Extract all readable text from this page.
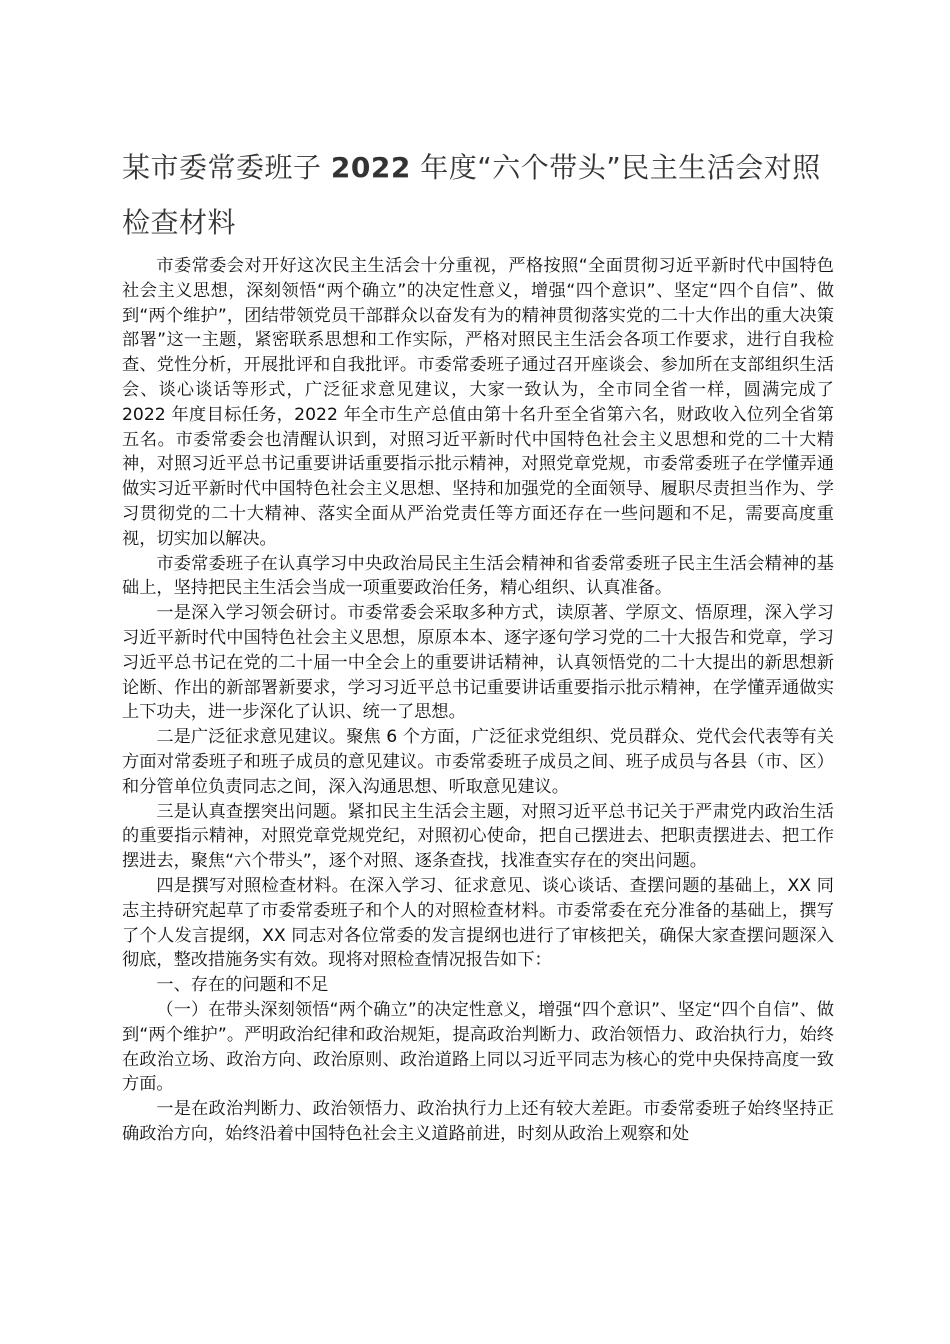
某市委常委班子 2022 年度“六个带头”民主生活会对照检查材料

市委常委会对开好这次民主生活会十分重视，严格按照“全面贯彻习近平新时代中国特色社会主义思想，深刻领悟“两个确立”的决定性意义，增强“四个意识”、坚定“四个自信”、做到“两个维护”，团结带领党员干部群众以奋发有为的精神贯彻落实党的二十大作出的重大决策部署”这一主题，紧密联系思想和工作实际，严格对照民主生活会各项工作要求，进行自我检查、党性分析，开展批评和自我批评。市委常委班子通过召开座谈会、参加所在支部组织生活会、谈心谈话等形式，广泛征求意见建议，大家一致认为，全市同全省一样，圆满完成了 2022 年度目标任务，2022 年全市生产总值由第十名升至全省第六名，财政收入位列全省第五名。市委常委会也清醒认识到，对照习近平新时代中国特色社会主义思想和党的二十大精神，对照习近平总书记重要讲话重要指示批示精神，对照党章党规，市委常委班子在学懂弄通做实习近平新时代中国特色社会主义思想、坚持和加强党的全面领导、履职尽责担当作为、学习贯彻党的二十大精神、落实全面从严治党责任等方面还存在一些问题和不足，需要高度重视，切实加以解决。

市委常委班子在认真学习中央政治局民主生活会精神和省委常委班子民主生活会精神的基础上，坚持把民主生活会当成一项重要政治任务，精心组织、认真准备。

一是深入学习领会研讨。市委常委会采取多种方式，读原著、学原文、悟原理，深入学习习近平新时代中国特色社会主义思想，原原本本、逐字逐句学习党的二十大报告和党章，学习习近平总书记在党的二十届一中全会上的重要讲话精神，认真领悟党的二十大提出的新思想新论断、作出的新部署新要求，学习习近平总书记重要讲话重要指示批示精神，在学懂弄通做实上下功夫，进一步深化了认识、统一了思想。

二是广泛征求意见建议。聚焦 6 个方面，广泛征求党组织、党员群众、党代会代表等有关方面对常委班子和班子成员的意见建议。市委常委班子成员之间、班子成员与各县（市、区）和分管单位负责同志之间，深入沟通思想、听取意见建议。

三是认真查摆突出问题。紧扣民主生活会主题，对照习近平总书记关于严肃党内政治生活的重要指示精神，对照党章党规党纪，对照初心使命，把自己摆进去、把职责摆进去、把工作摆进去，聚焦“六个带头”，逐个对照、逐条查找，找准查实存在的突出问题。

四是撰写对照检查材料。在深入学习、征求意见、谈心谈话、查摆问题的基础上，XX 同志主持研究起草了市委常委班子和个人的对照检查材料。市委常委在充分准备的基础上，撰写了个人发言提纲，XX 同志对各位常委的发言提纲也进行了审核把关，确保大家查摆问题深入彻底，整改措施务实有效。现将对照检查情况报告如下：

一、存在的问题和不足

（一）在带头深刻领悟“两个确立”的决定性意义，增强“四个意识”、坚定“四个自信”、做到“两个维护”。严明政治纪律和政治规矩，提高政治判断力、政治领悟力、政治执行力，始终在政治立场、政治方向、政治原则、政治道路上同以习近平同志为核心的党中央保持高度一致方面。

一是在政治判断力、政治领悟力、政治执行力上还有较大差距。市委常委班子始终坚持正确政治方向，始终沿着中国特色社会主义道路前进，时刻从政治上观察和处
